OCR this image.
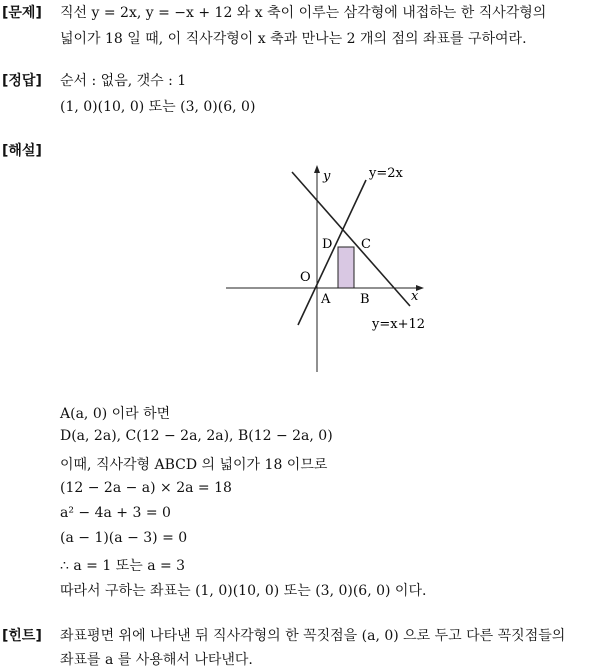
[문제] 직선 y = 2x, y = −x + 12 와 x 축이 이루는 삼각형에 내접하는 한 직사각형의
넓이가 18 일 때, 이 직사각형이 x 축과 만나는 2 개의 점의 좌표를 구하여라.
[정답] 순서 : 없음, 갯수 : 1
(1, 0)(10, 0) 또는 (3, 0)(6, 0)
[해설]
y
x
y=2x
y=x+12
O
A B
C
D
A(a, 0) 이라 하면
D(a, 2a), C(12 − 2a, 2a), B(12 − 2a, 0)
이때, 직사각형 ABCD 의 넓이가 18 이므로
(12 − 2a − a) × 2a = 18
a² − 4a + 3 = 0
(a − 1)(a − 3) = 0
∴ a = 1 또는 a = 3
따라서 구하는 좌표는 (1, 0)(10, 0) 또는 (3, 0)(6, 0) 이다.
[힌트] 좌표평면 위에 나타낸 뒤 직사각형의 한 꼭짓점을 (a, 0) 으로 두고 다른 꼭짓점들의
좌표를 a 를 사용해서 나타낸다.
